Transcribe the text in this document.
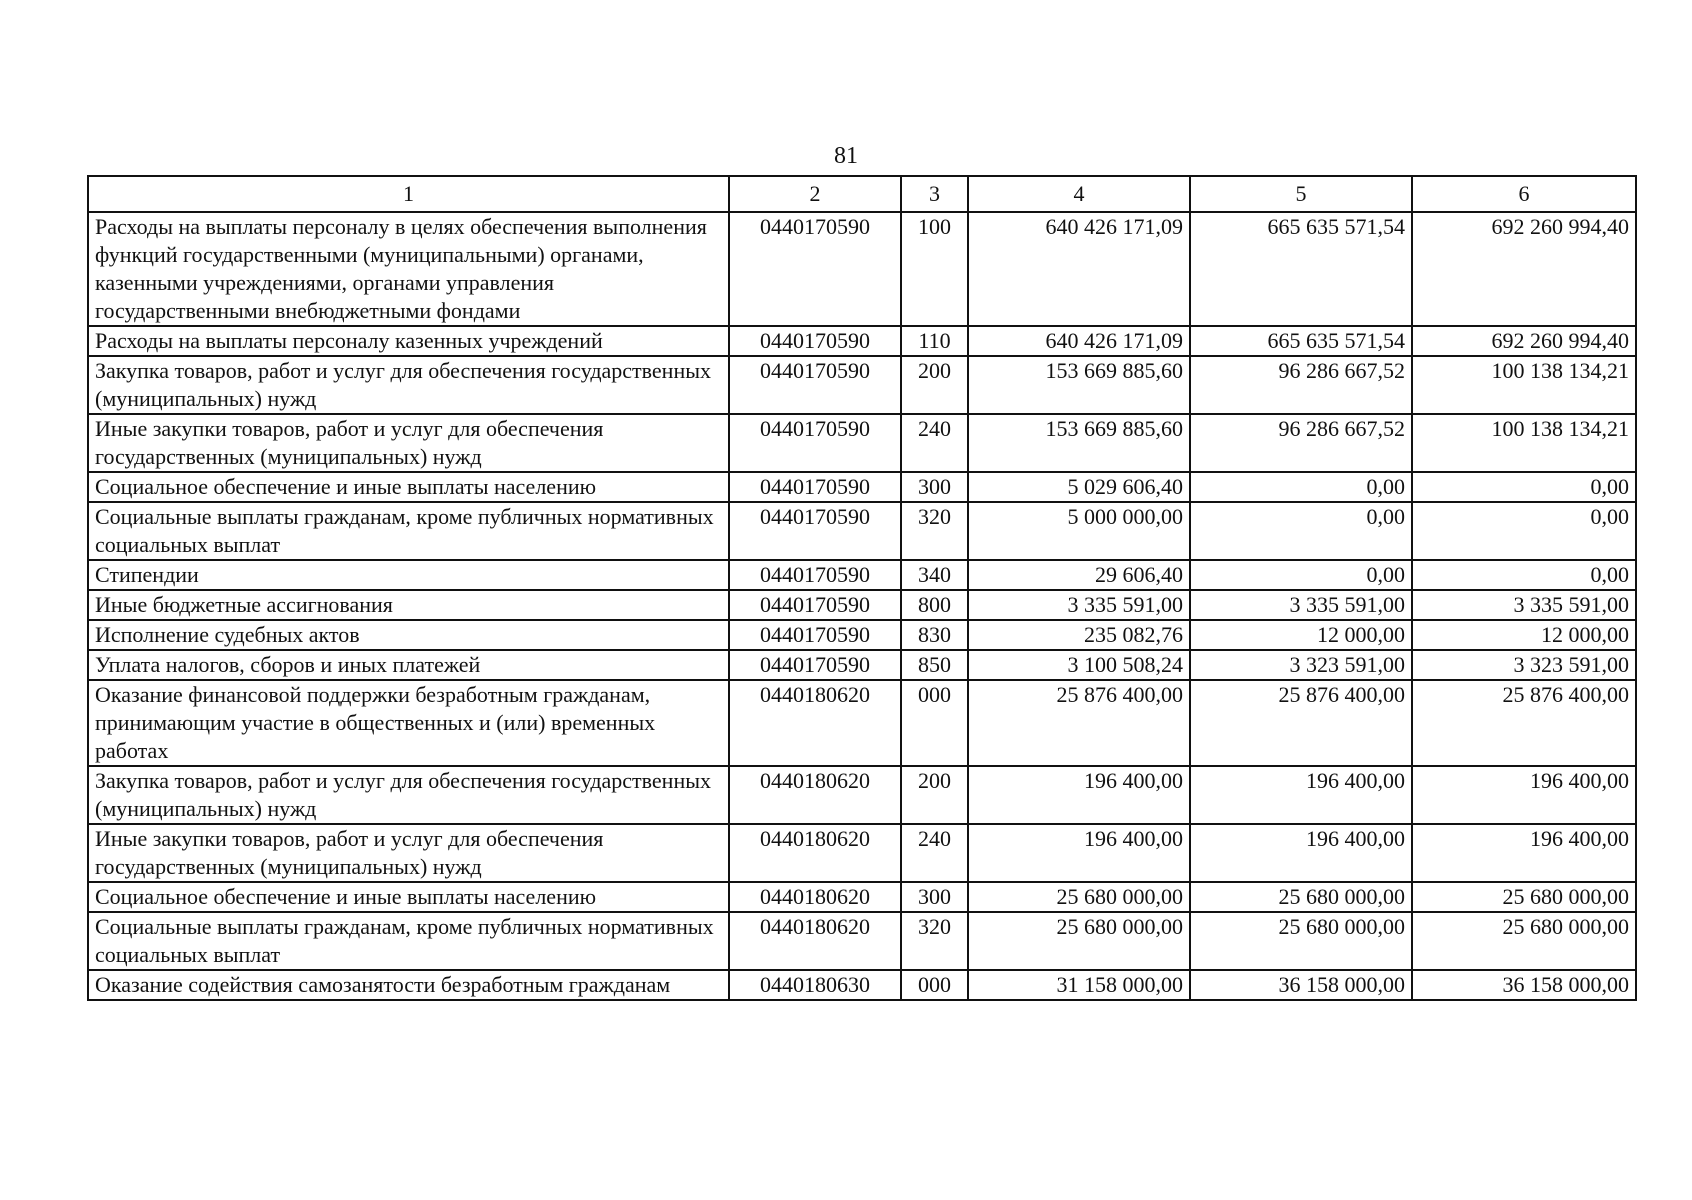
81
1	2	3	4	5	6
Расходы на выплаты персоналу в целях обеспечения выполнения функций государственными (муниципальными) органами, казенными учреждениями, органами управления государственными внебюджетными фондами	0440170590	100	640 426 171,09	665 635 571,54	692 260 994,40
Расходы на выплаты персоналу казенных учреждений	0440170590	110	640 426 171,09	665 635 571,54	692 260 994,40
Закупка товаров, работ и услуг для обеспечения государственных (муниципальных) нужд	0440170590	200	153 669 885,60	96 286 667,52	100 138 134,21
Иные закупки товаров, работ и услуг для обеспечения государственных (муниципальных) нужд	0440170590	240	153 669 885,60	96 286 667,52	100 138 134,21
Социальное обеспечение и иные выплаты населению	0440170590	300	5 029 606,40	0,00	0,00
Социальные выплаты гражданам, кроме публичных нормативных социальных выплат	0440170590	320	5 000 000,00	0,00	0,00
Стипендии	0440170590	340	29 606,40	0,00	0,00
Иные бюджетные ассигнования	0440170590	800	3 335 591,00	3 335 591,00	3 335 591,00
Исполнение судебных актов	0440170590	830	235 082,76	12 000,00	12 000,00
Уплата налогов, сборов и иных платежей	0440170590	850	3 100 508,24	3 323 591,00	3 323 591,00
Оказание финансовой поддержки безработным гражданам, принимающим участие в общественных и (или) временных работах	0440180620	000	25 876 400,00	25 876 400,00	25 876 400,00
Закупка товаров, работ и услуг для обеспечения государственных (муниципальных) нужд	0440180620	200	196 400,00	196 400,00	196 400,00
Иные закупки товаров, работ и услуг для обеспечения государственных (муниципальных) нужд	0440180620	240	196 400,00	196 400,00	196 400,00
Социальное обеспечение и иные выплаты населению	0440180620	300	25 680 000,00	25 680 000,00	25 680 000,00
Социальные выплаты гражданам, кроме публичных нормативных социальных выплат	0440180620	320	25 680 000,00	25 680 000,00	25 680 000,00
Оказание содействия самозанятости безработным гражданам	0440180630	000	31 158 000,00	36 158 000,00	36 158 000,00
